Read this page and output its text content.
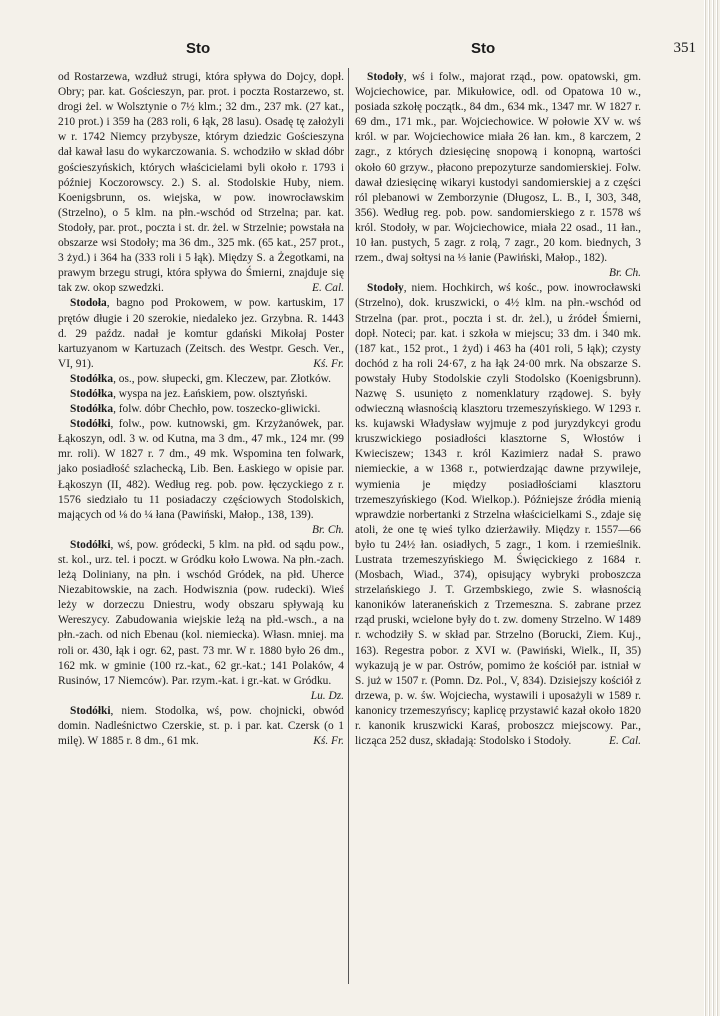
Sto	Sto	351

od Rostarzewa, wzdłuż strugi, która spływa do Dojcy, dopł. Obry; par. kat. Gościeszyn, par. prot. i poczta Rostarzewo, st. drogi żel. w Wolsztynie o 7½ klm.; 32 dm., 237 mk. (27 kat., 210 prot.) i 359 ha (283 roli, 6 łąk, 28 lasu). Osadę tę założyli w r. 1742 Niemcy przybysze, którym dziedzic Gościeszyna dał kawał lasu do wykarczowania. S. wchodziło w skład dóbr gościeszyńskich, których właścicielami byli około r. 1793 i później Koczorowscy. 2.) S. al. Stodolskie Huby, niem. Koenigsbrunn, os. wiejska, w pow. inowrocławskim (Strzelno), o 5 klm. na płn.-wschód od Strzelna; par. kat. Stodoły, par. prot., poczta i st. dr. żel. w Strzelnie; powstała na obszarze wsi Stodoły; ma 36 dm., 325 mk. (65 kat., 257 prot., 3 żyd.) i 364 ha (333 roli i 5 łąk). Między S. a Żegotkami, na prawym brzegu strugi, która spływa do Śmierni, znajduje się tak zw. okop szwedzki.	E. Cal.

Stodoła, bagno pod Prokowem, w pow. kartuskim, 17 prętów długie i 20 szerokie, niedaleko jez. Grzybna. R. 1443 d. 29 paźdz. nadał je komtur gdański Mikołaj Poster kartuzyanom w Kartuzach (Zeitsch. des Westpr. Gesch. Ver., VI, 91).	Kś. Fr.

Stodółka, os., pow. słupecki, gm. Kleczew, par. Złotków.

Stodółka, wyspa na jez. Łańskiem, pow. olsztyński.

Stodółka, folw. dóbr Chechło, pow. toszecko-gliwicki.

Stodółki, folw., pow. kutnowski, gm. Krzyżanówek, par. Łąkoszyn, odl. 3 w. od Kutna, ma 3 dm., 47 mk., 124 mr. (99 mr. roli). W 1827 r. 7 dm., 49 mk. Wspomina ten folwark, jako posiadłość szlachecką, Lib. Ben. Łaskiego w opisie par. Łąkoszyn (II, 482). Według reg. pob. pow. łęczyckiego z r. 1576 siedziało tu 11 posiadaczy częściowych Stodolskich, mających od ⅛ do ¼ łana (Pawiński, Małop., 138, 139).
Br. Ch.

Stodółki, wś, pow. gródecki, 5 klm. na płd. od sądu pow., st. kol., urz. tel. i poczt. w Gródku koło Lwowa. Na płn.-zach. leżą Doliniany, na płn. i wschód Gródek, na płd. Uherce Niezabitowskie, na zach. Hodwisznia (pow. rudecki). Wieś leży w dorzeczu Dniestru, wody obszaru spływają ku Wereszycy. Zabudowania wiejskie leżą na płd.-wsch., a na płn.-zach. od nich Ebenau (kol. niemiecka). Własn. mniej. ma roli or. 430, łąk i ogr. 62, past. 73 mr. W r. 1880 było 26 dm., 162 mk. w gminie (100 rz.-kat., 62 gr.-kat.; 141 Polaków, 4 Rusinów, 17 Niemców). Par. rzym.-kat. i gr.-kat. w Gródku.
Lu. Dz.

Stodółki, niem. Stodolka, wś, pow. chojnicki, obwód domin. Nadleśnictwo Czerskie, st. p. i par. kat. Czersk (o 1 milę). W 1885 r. 8 dm., 61 mk.	Kś. Fr.

Stodoły, wś i folw., majorat rząd., pow. opatowski, gm. Wojciechowice, par. Mikułowice, odl. od Opatowa 10 w., posiada szkołę początk., 84 dm., 634 mk., 1347 mr. W 1827 r. 69 dm., 171 mk., par. Wojciechowice. W połowie XV w. wś król. w par. Wojciechowice miała 26 łan. km., 8 karczem, 2 zagr., z których dziesięcinę snopową i konopną, wartości około 60 grzyw., płacono prepozyturze sandomierskiej. Folw. dawał dziesięcinę wikaryi kustodyi sandomierskiej a z części ról plebanowi w Zemborzynie (Długosz, L. B., I, 303, 348, 356). Według reg. pob. pow. sandomierskiego z r. 1578 wś król. Stodoły, w par. Wojciechowice, miała 22 osad., 11 łan., 10 łan. pustych, 5 zagr. z rolą, 7 zagr., 20 kom. biednych, 3 rzem., dwaj sołtysi na ⅓ łanie (Pawiński, Małop., 182).
Br. Ch.

Stodoły, niem. Hochkirch, wś kośc., pow. inowrocławski (Strzelno), dok. kruszwicki, o 4½ klm. na płn.-wschód od Strzelna (par. prot., poczta i st. dr. żel.), u źródeł Śmierni, dopł. Noteci; par. kat. i szkoła w miejscu; 33 dm. i 340 mk. (187 kat., 152 prot., 1 żyd) i 463 ha (401 roli, 5 łąk); czysty dochód z ha roli 24·67, z ha łąk 24·00 mrk. Na obszarze S. powstały Huby Stodolskie czyli Stodolsko (Koenigsbrunn). Nazwę S. usunięto z nomenklatury rządowej. S. były odwieczną własnością klasztoru trzemeszyńskiego. W 1293 r. ks. kujawski Władysław wyjmuje z pod juryzdykcyi grodu kruszwickiego posiadłości klasztorne S, Włostów i Kwieciszew; 1343 r. król Kazimierz nadał S. prawo niemieckie, a w 1368 r., potwierdzając dawne przywileje, wymienia je między posiadłościami klasztoru trzemeszyńskiego (Kod. Wielkop.). Późniejsze źródła mienią wprawdzie norbertanki z Strzelna właścicielkami S., zdaje się atoli, że one tę wieś tylko dzierżawiły. Między r. 1557—66 było tu 24½ łan. osiadłych, 5 zagr., 1 kom. i rzemieślnik. Lustrata trzemeszyńskiego M. Święcickiego z 1684 r. (Mosbach, Wiad., 374), opisujący wybryki proboszcza strzelańskiego J. T. Grzembskiego, zwie S. własnością kanoników lateraneńskich z Trzemeszna. S. zabrane przez rząd pruski, wcielone były do t. zw. domeny Strzelno. W 1489 r. wchodziły S. w skład par. Strzelno (Borucki, Ziem. Kuj., 163). Regestra pobor. z XVI w. (Pawiński, Wielk., II, 35) wykazują je w par. Ostrów, pomimo że kościół par. istniał w S. już w 1507 r. (Pomn. Dz. Pol., V, 834). Dzisiejszy kościół z drzewa, p. w. św. Wojciecha, wystawili i uposażyli w 1589 r. kanonicy trzemeszyńscy; kaplicę przystawić kazał około 1820 r. kanonik kruszwicki Karaś, proboszcz miejscowy. Par., licząca 252 dusz, składają: Stodolsko i Stodoły.	E. Cal.
